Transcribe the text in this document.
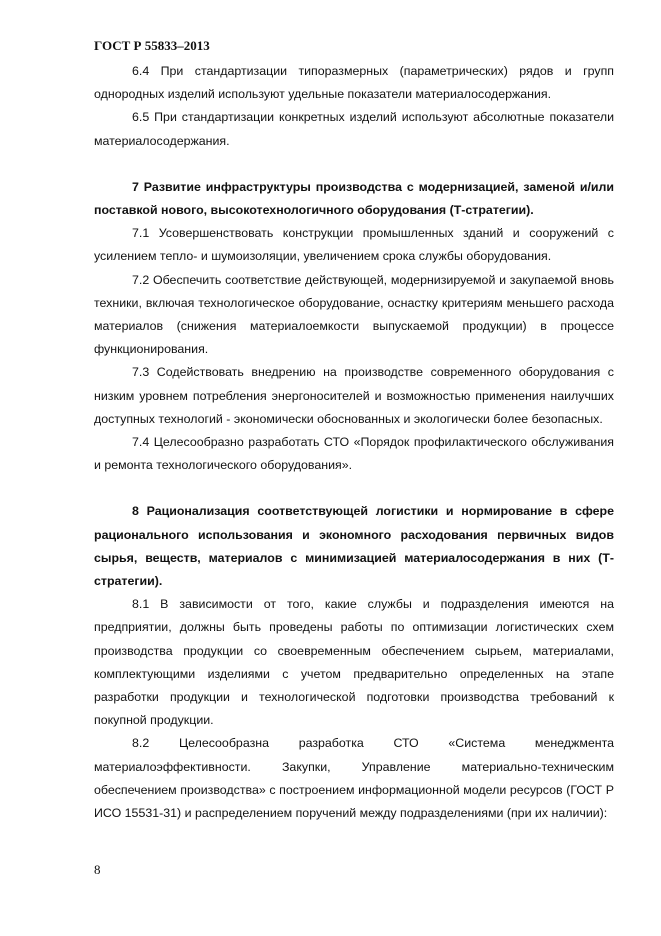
ГОСТ Р 55833–2013

6.4 При стандартизации типоразмерных (параметрических) рядов и групп однородных изделий используют удельные показатели материалосодержания.

6.5 При стандартизации конкретных изделий используют абсолютные показатели материалосодержания.

7 Развитие инфраструктуры производства с модернизацией, заменой и/или поставкой нового, высокотехнологичного оборудования (Т-стратегии).

7.1 Усовершенствовать конструкции промышленных зданий и сооружений с усилением тепло- и шумоизоляции, увеличением срока службы оборудования.

7.2 Обеспечить соответствие действующей, модернизируемой и закупаемой вновь техники, включая технологическое оборудование, оснастку критериям меньшего расхода материалов (снижения материалоемкости выпускаемой продукции) в процессе функционирования.

7.3 Содействовать внедрению на производстве современного оборудования с низким уровнем потребления энергоносителей и возможностью применения наилучших доступных технологий - экономически обоснованных и экологически более безопасных.

7.4 Целесообразно разработать СТО «Порядок профилактического обслуживания и ремонта технологического оборудования».

8 Рационализация соответствующей логистики и нормирование в сфере рационального использования и экономного расходования первичных видов сырья, веществ, материалов с минимизацией материалосодержания в них (Т-стратегии).

8.1 В зависимости от того, какие службы и подразделения имеются на предприятии, должны быть проведены работы по оптимизации логистических схем производства продукции со своевременным обеспечением сырьем, материалами, комплектующими изделиями с учетом предварительно определенных на этапе разработки продукции и технологической подготовки производства требований к покупной продукции.

8.2 Целесообразна разработка СТО «Система менеджмента материалоэффективности. Закупки, Управление материально-техническим обеспечением производства» с построением информационной модели ресурсов (ГОСТ Р ИСО 15531-31) и распределением поручений между подразделениями (при их наличии):

8
